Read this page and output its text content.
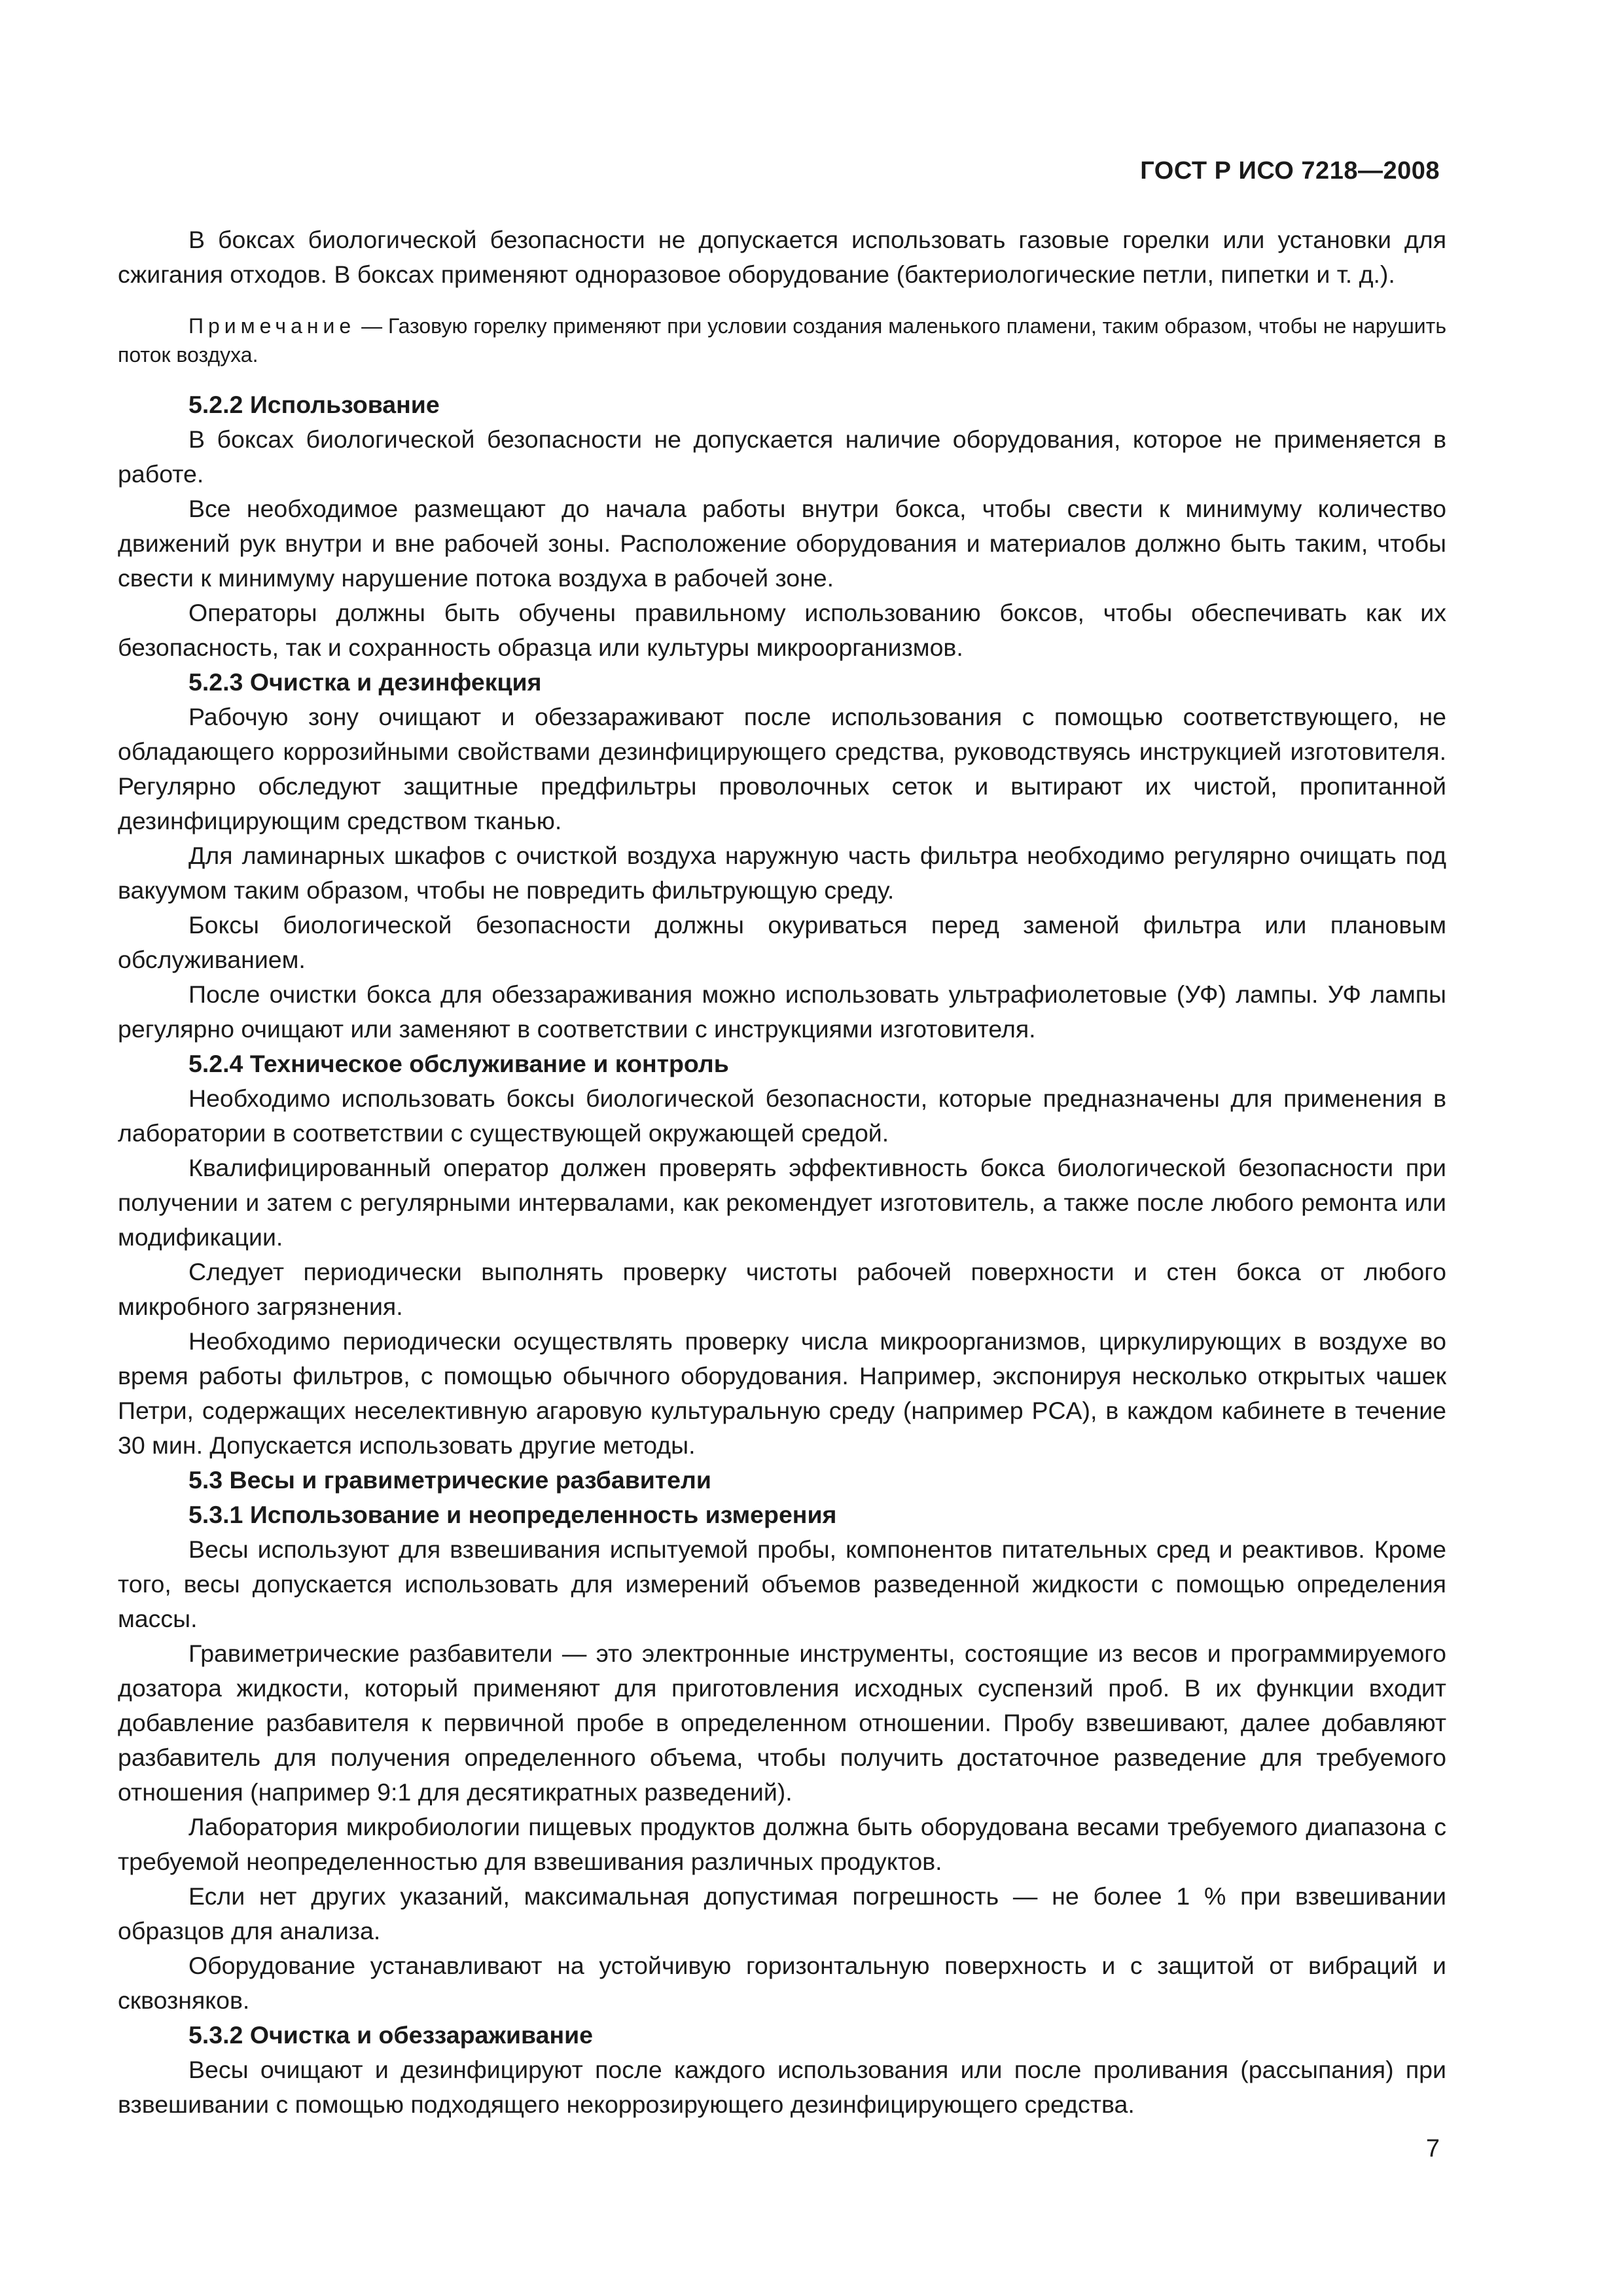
ГОСТ Р ИСО 7218—2008

В боксах биологической безопасности не допускается использовать газовые горелки или установки для сжигания отходов. В боксах применяют одноразовое оборудование (бактериологические петли, пипетки и т. д.).

Примечание — Газовую горелку применяют при условии создания маленького пламени, таким образом, чтобы не нарушить поток воздуха.

5.2.2 Использование

В боксах биологической безопасности не допускается наличие оборудования, которое не применяется в работе.

Все необходимое размещают до начала работы внутри бокса, чтобы свести к минимуму количество движений рук внутри и вне рабочей зоны. Расположение оборудования и материалов должно быть таким, чтобы свести к минимуму нарушение потока воздуха в рабочей зоне.

Операторы должны быть обучены правильному использованию боксов, чтобы обеспечивать как их безопасность, так и сохранность образца или культуры микроорганизмов.

5.2.3 Очистка и дезинфекция

Рабочую зону очищают и обеззараживают после использования с помощью соответствующего, не обладающего коррозийными свойствами дезинфицирующего средства, руководствуясь инструкцией изготовителя. Регулярно обследуют защитные предфильтры проволочных сеток и вытирают их чистой, пропитанной дезинфицирующим средством тканью.

Для ламинарных шкафов с очисткой воздуха наружную часть фильтра необходимо регулярно очищать под вакуумом таким образом, чтобы не повредить фильтрующую среду.

Боксы биологической безопасности должны окуриваться перед заменой фильтра или плановым обслуживанием.

После очистки бокса для обеззараживания можно использовать ультрафиолетовые (УФ) лампы. УФ лампы регулярно очищают или заменяют в соответствии с инструкциями изготовителя.

5.2.4 Техническое обслуживание и контроль

Необходимо использовать боксы биологической безопасности, которые предназначены для применения в лаборатории в соответствии с существующей окружающей средой.

Квалифицированный оператор должен проверять эффективность бокса биологической безопасности при получении и затем с регулярными интервалами, как рекомендует изготовитель, а также после любого ремонта или модификации.

Следует периодически выполнять проверку чистоты рабочей поверхности и стен бокса от любого микробного загрязнения.

Необходимо периодически осуществлять проверку числа микроорганизмов, циркулирующих в воздухе во время работы фильтров, с помощью обычного оборудования. Например, экспонируя несколько открытых чашек Петри, содержащих неселективную агаровую культуральную среду (например PCA), в каждом кабинете в течение 30 мин. Допускается использовать другие методы.

5.3 Весы и гравиметрические разбавители

5.3.1 Использование и неопределенность измерения

Весы используют для взвешивания испытуемой пробы, компонентов питательных сред и реактивов. Кроме того, весы допускается использовать для измерений объемов разведенной жидкости с помощью определения массы.

Гравиметрические разбавители — это электронные инструменты, состоящие из весов и программируемого дозатора жидкости, который применяют для приготовления исходных суспензий проб. В их функции входит добавление разбавителя к первичной пробе в определенном отношении. Пробу взвешивают, далее добавляют разбавитель для получения определенного объема, чтобы получить достаточное разведение для требуемого отношения (например 9:1 для десятикратных разведений).

Лаборатория микробиологии пищевых продуктов должна быть оборудована весами требуемого диапазона с требуемой неопределенностью для взвешивания различных продуктов.

Если нет других указаний, максимальная допустимая погрешность — не более 1 % при взвешивании образцов для анализа.

Оборудование устанавливают на устойчивую горизонтальную поверхность и с защитой от вибраций и сквозняков.

5.3.2 Очистка и обеззараживание

Весы очищают и дезинфицируют после каждого использования или после проливания (рассыпания) при взвешивании с помощью подходящего некоррозирующего дезинфицирующего средства.

7
